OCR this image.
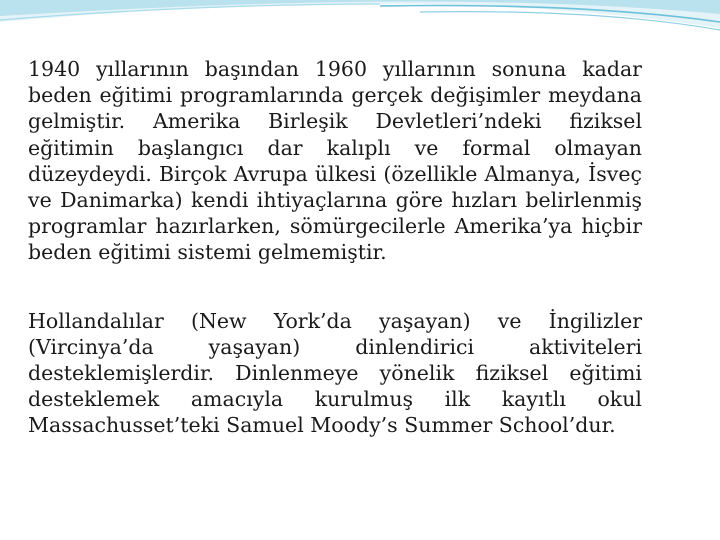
1940 yıllarının başından 1960 yıllarının sonuna kadar beden eğitimi programlarında gerçek değişimler meydana gelmiştir. Amerika Birleşik Devletleri’ndeki fiziksel eğitimin başlangıcı dar kalıplı ve formal olmayan düzeydeydi. Birçok Avrupa ülkesi (özellikle Almanya, İsveç ve Danimarka) kendi ihtiyaçlarına göre hızları belirlenmiş programlar hazırlarken, sömürgecilerle Amerika’ya hiçbir beden eğitimi sistemi gelmemiştir.

Hollandalılar (New York’da yaşayan) ve İngilizler (Vircinya’da yaşayan) dinlendirici aktiviteleri desteklemişlerdir. Dinlenmeye yönelik fiziksel eğitimi desteklemek amacıyla kurulmuş ilk kayıtlı okul Massachusset’teki Samuel Moody’s Summer School’dur.
